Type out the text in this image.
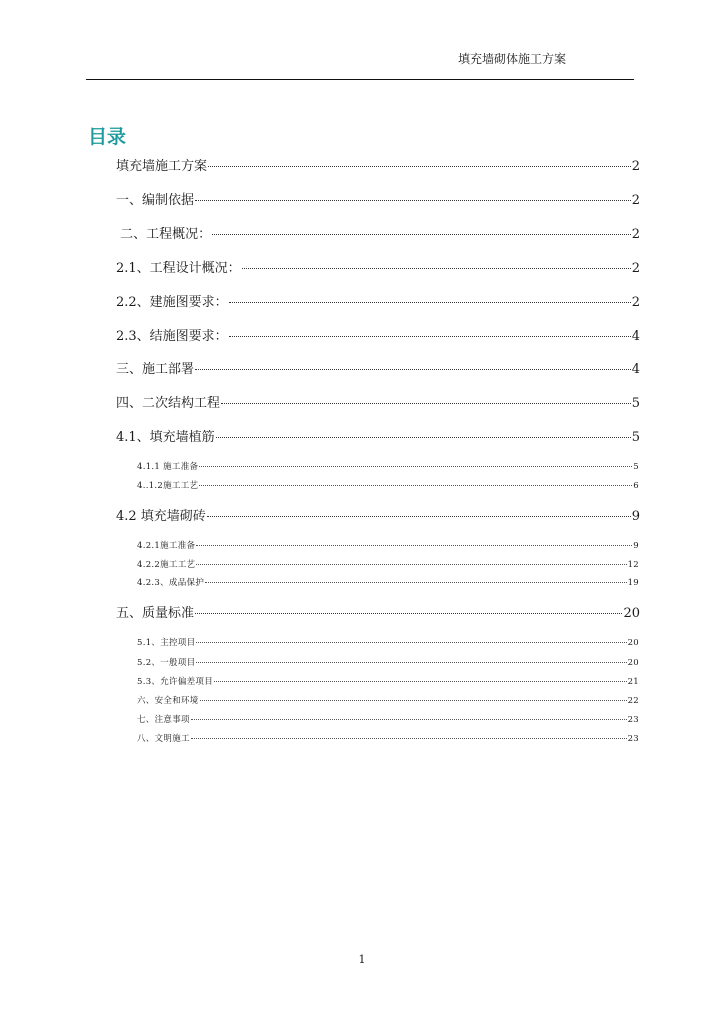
填充墙砌体施工方案
目录
填充墙施工方案	2
一、编制依据	2
二、工程概况：	2
2.1、工程设计概况：	2
2.2、建施图要求：	2
2.3、结施图要求：	4
三、施工部署	4
四、二次结构工程	5
4.1、填充墙植筋	5
4.1.1 施工准备	5
4..1.2施工工艺	6
4.2 填充墙砌砖	9
4.2.1施工准备	9
4.2.2施工工艺	12
4.2.3、成品保护	19
五、质量标准	20
5.1、主控项目	20
5.2、一般项目	20
5.3、允许偏差项目	21
六、安全和环境	22
七、注意事项	23
八、文明施工	23
1
